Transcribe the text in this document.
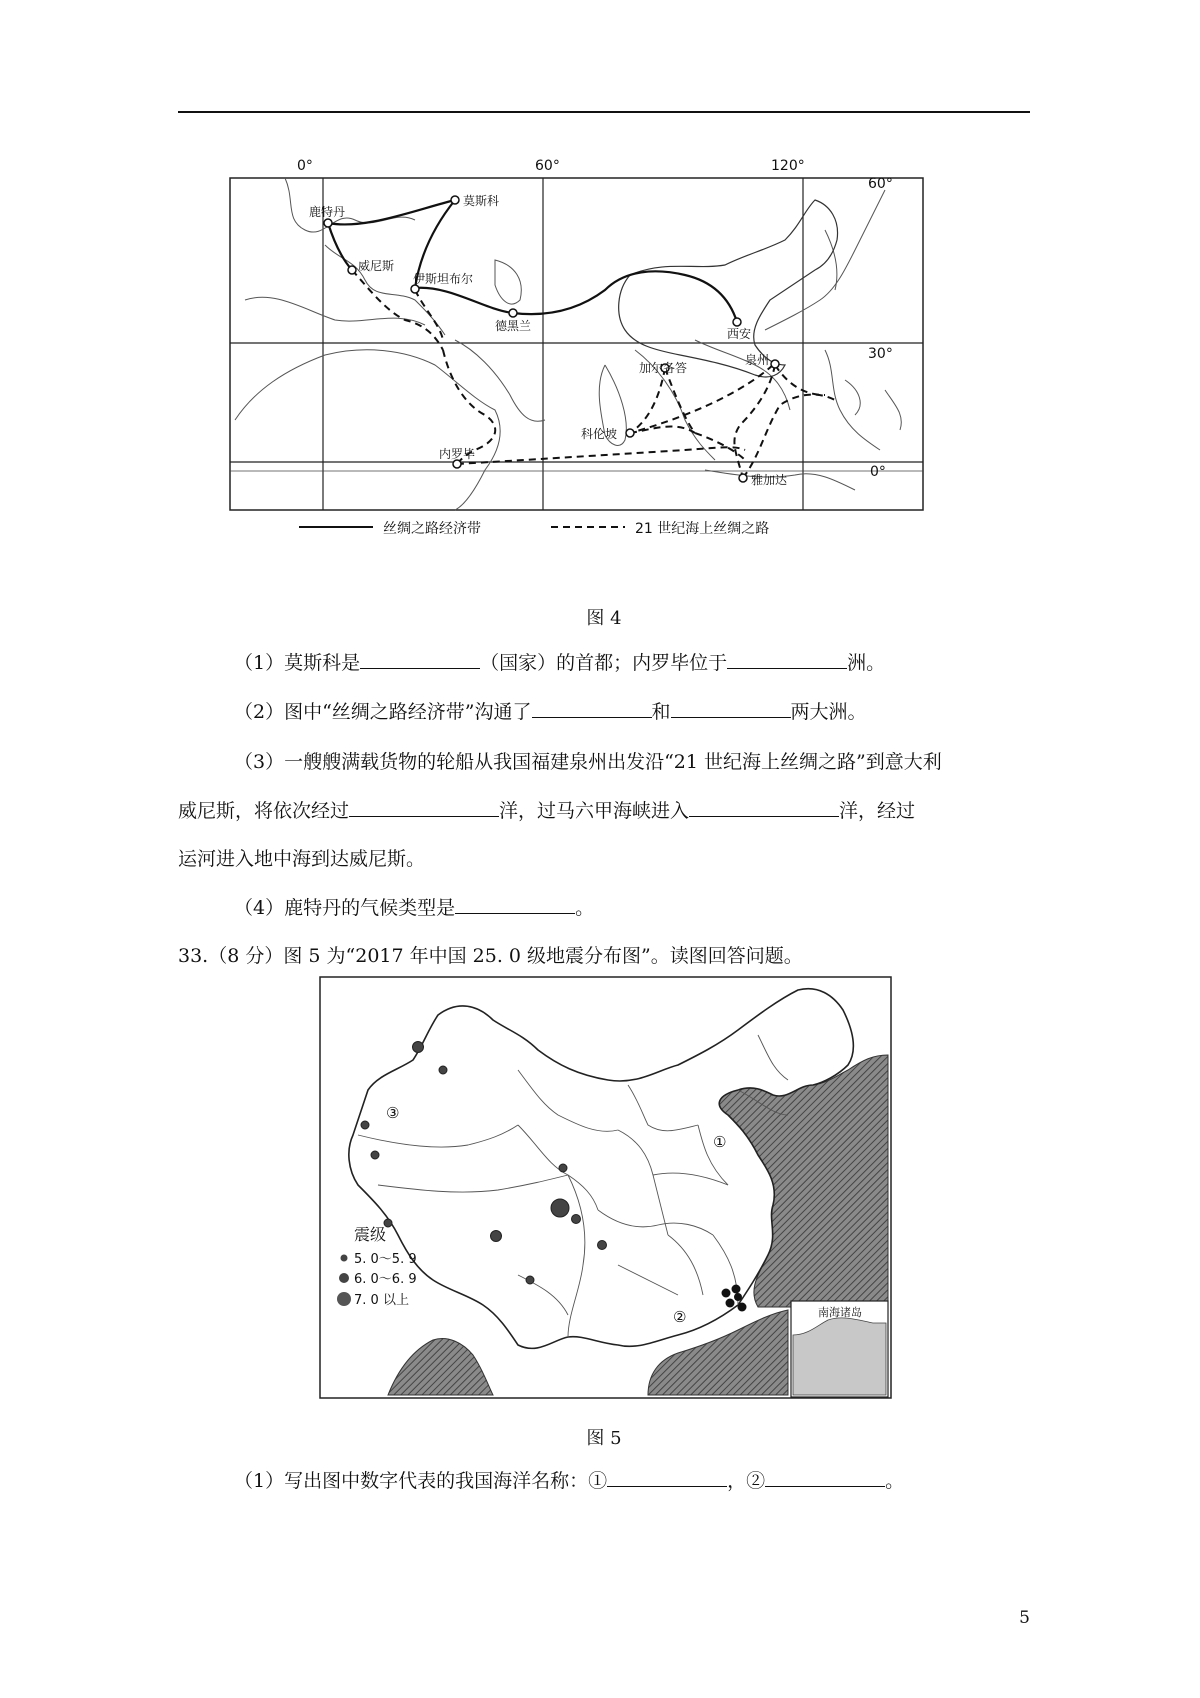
莫斯科
鹿特丹
威尼斯
伊斯坦布尔
德黑兰
西安
泉州
加尔各答
科伦坡
内罗毕
雅加达
0°	60°	120°
60°
30°
0°
丝绸之路经济带	21 世纪海上丝绸之路
图 4
（1）莫斯科是	（国家）的首都；内罗毕位于	洲。
（2）图中“丝绸之路经济带”沟通了	和	两大洲。
（3）一艘艘满载货物的轮船从我国福建泉州出发沿“21 世纪海上丝绸之路”到意大利
威尼斯，将依次经过	洋，过马六甲海峡进入	洋，经过
运河进入地中海到达威尼斯。
（4）鹿特丹的气候类型是	。
33.（8 分）图 5 为“2017 年中国 25. 0 级地震分布图”。读图回答问题。
①
②
③
震级
5. 0～5. 9
6. 0～6. 9
7. 0 以上
南海诸岛
图 5
（1）写出图中数字代表的我国海洋名称：①	，②	。
5
